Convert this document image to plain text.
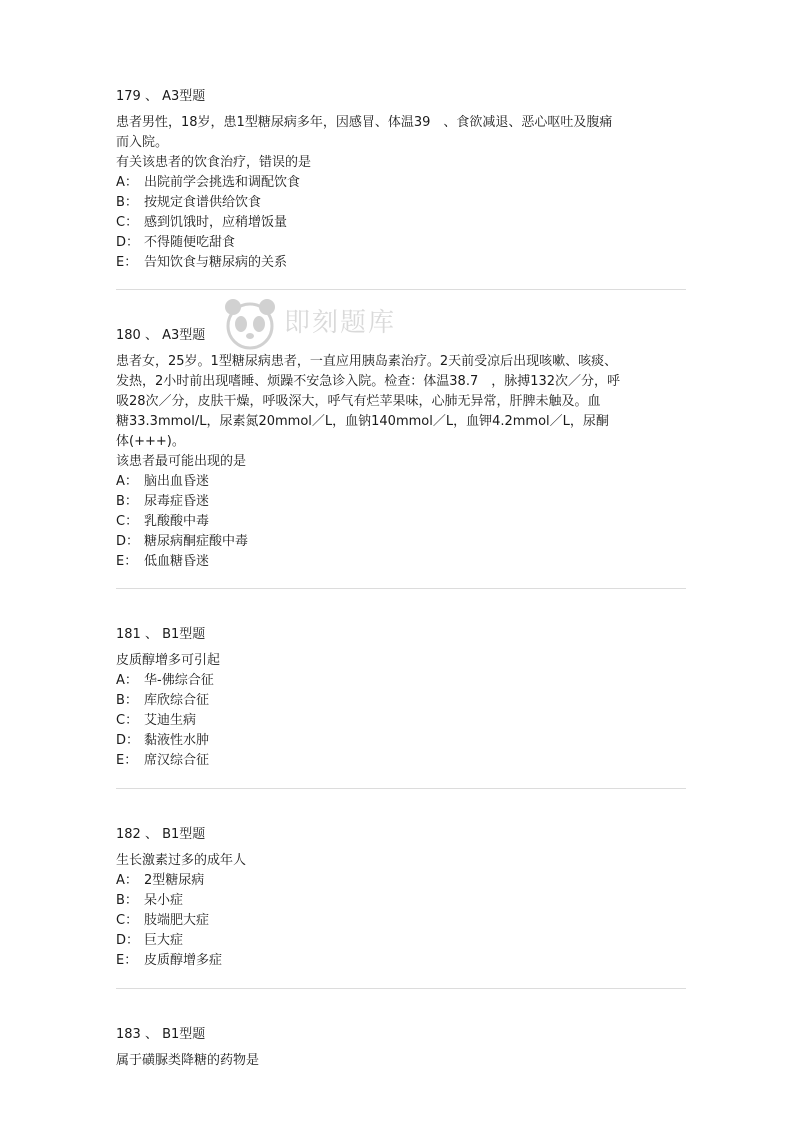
即刻题库

179 、 A3型题

患者男性，18岁，患1型糖尿病多年，因感冒、体温39　、食欲减退、恶心呕吐及腹痛

而入院。

有关该患者的饮食治疗，错误的是

A： 出院前学会挑选和调配饮食

B： 按规定食谱供给饮食

C： 感到饥饿时，应稍增饭量

D： 不得随便吃甜食

E： 告知饮食与糖尿病的关系

180 、 A3型题

患者女，25岁。1型糖尿病患者，一直应用胰岛素治疗。2天前受凉后出现咳嗽、咳痰、

发热，2小时前出现嗜睡、烦躁不安急诊入院。检查：体温38.7　，脉搏132次／分，呼

吸28次／分，皮肤干燥，呼吸深大，呼气有烂苹果味，心肺无异常，肝脾未触及。血

糖33.3mmol/L，尿素氮20mmol／L，血钠140mmol／L，血钾4.2mmol／L，尿酮

体(+++)。

该患者最可能出现的是

A： 脑出血昏迷

B： 尿毒症昏迷

C： 乳酸酸中毒

D： 糖尿病酮症酸中毒

E： 低血糖昏迷

181 、 B1型题

皮质醇增多可引起

A： 华-佛综合征

B： 库欣综合征

C： 艾迪生病

D： 黏液性水肿

E： 席汉综合征

182 、 B1型题

生长激素过多的成年人

A： 2型糖尿病

B： 呆小症

C： 肢端肥大症

D： 巨大症

E： 皮质醇增多症

183 、 B1型题

属于磺脲类降糖的药物是
